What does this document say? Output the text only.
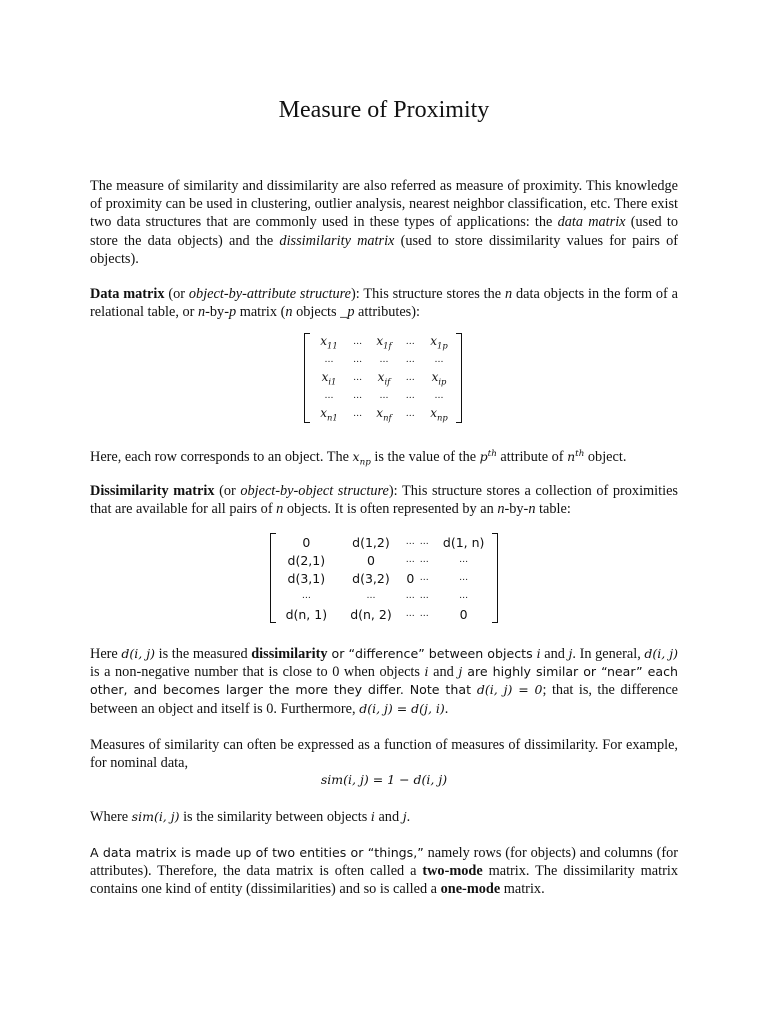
Measure of Proximity

The measure of similarity and dissimilarity are also referred as measure of proximity. This knowledge of proximity can be used in clustering, outlier analysis, nearest neighbor classification, etc. There exist two data structures that are commonly used in these types of applications: the data matrix (used to store the data objects) and the dissimilarity matrix (used to store dissimilarity values for pairs of objects).

Data matrix (or object-by-attribute structure): This structure stores the n data objects in the form of a relational table, or n-by-p matrix (n objects _p attributes):

$x_{11}$	…	$x_{1f}$	…	$x_{1p}$
…	…	…	…	…
$x_{i1}$	…	$x_{if}$	…	$x_{ip}$
…	…	…	…	…
$x_{n1}$	…	$x_{nf}$	…	$x_{np}$

Here, each row corresponds to an object. The $x_{np}$ is the value of the $p^{th}$ attribute of $n^{th}$ object.

Dissimilarity matrix (or object-by-object structure): This structure stores a collection of proximities that are available for all pairs of n objects. It is often represented by an n-by-n table:

0	d(1,2)	…	…	d(1, n)
d(2,1)	0	…	…	…
d(3,1)	d(3,2)	0	…	…
…	…	…	…	…
d(n, 1)	d(n, 2)	…	…	0

Here d(i, j) is the measured dissimilarity or “difference” between objects i and j. In general, d(i, j) is a non-negative number that is close to 0 when objects i and j are highly similar or “near” each other, and becomes larger the more they differ. Note that d(i, j) = 0; that is, the difference between an object and itself is 0. Furthermore, d(i, j) = d(j, i).

Measures of similarity can often be expressed as a function of measures of dissimilarity. For example, for nominal data,

sim(i, j) = 1 − d(i, j)

Where sim(i, j) is the similarity between objects i and j.

A data matrix is made up of two entities or “things,” namely rows (for objects) and columns (for attributes). Therefore, the data matrix is often called a two-mode matrix. The dissimilarity matrix contains one kind of entity (dissimilarities) and so is called a one-mode matrix.
